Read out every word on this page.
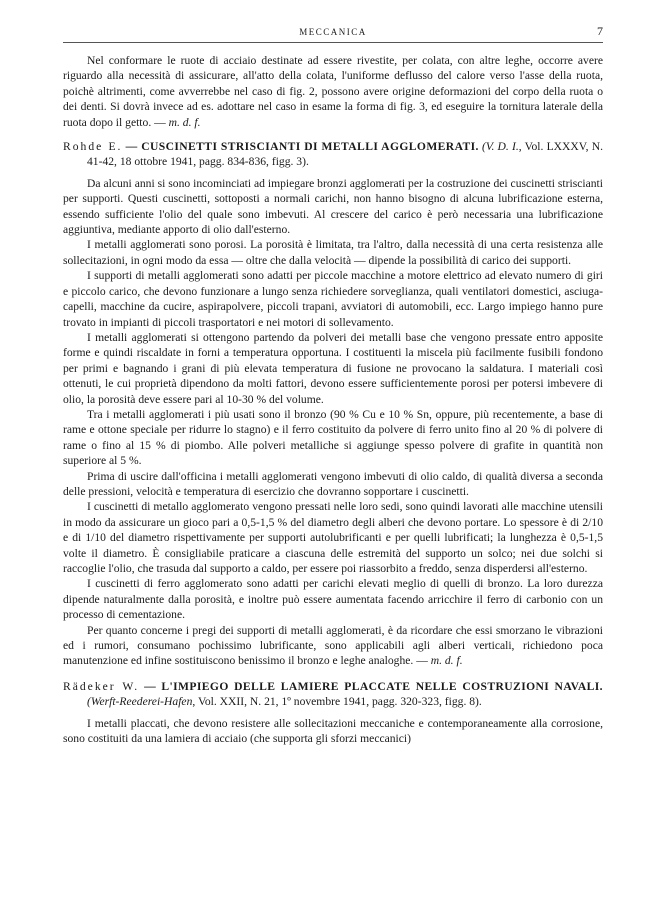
MECCANICA	7

Nel conformare le ruote di acciaio destinate ad essere rivestite, per colata, con altre leghe, occorre avere riguardo alla necessità di assicurare, all'atto della colata, l'uniforme deflusso del calore verso l'asse della ruota, poichè altrimenti, come avverrebbe nel caso di fig. 2, possono avere origine deformazioni del corpo della ruota o dei denti. Si dovrà invece ad es. adottare nel caso in esame la forma di fig. 3, ed eseguire la tornitura laterale della ruota dopo il getto. — m. d. f.

Rohde E. — CUSCINETTI STRISCIANTI DI METALLI AGGLOMERATI. (V. D. I., Vol. LXXXV, N. 41-42, 18 ottobre 1941, pagg. 834-836, figg. 3).

Da alcuni anni si sono incominciati ad impiegare bronzi agglomerati per la costruzione dei cuscinetti striscianti per supporti. Questi cuscinetti, sottoposti a normali carichi, non hanno bisogno di alcuna lubrificazione esterna, essendo sufficiente l'olio del quale sono imbevuti. Al crescere del carico è però necessaria una lubrificazione aggiuntiva, mediante apporto di olio dall'esterno.

I metalli agglomerati sono porosi. La porosità è limitata, tra l'altro, dalla necessità di una certa resistenza alle sollecitazioni, in ogni modo da essa — oltre che dalla velocità — dipende la possibilità di carico dei supporti.

I supporti di metalli agglomerati sono adatti per piccole macchine a motore elettrico ad elevato numero di giri e piccolo carico, che devono funzionare a lungo senza richiedere sorveglianza, quali ventilatori domestici, asciuga-capelli, macchine da cucire, aspirapolvere, piccoli trapani, avviatori di automobili, ecc. Largo impiego hanno pure trovato in impianti di piccoli trasportatori e nei motori di sollevamento.

I metalli agglomerati si ottengono partendo da polveri dei metalli base che vengono pressate entro apposite forme e quindi riscaldate in forni a temperatura opportuna. I costituenti la miscela più facilmente fusibili fondono per primi e bagnando i grani di più elevata temperatura di fusione ne provocano la saldatura. I materiali così ottenuti, le cui proprietà dipendono da molti fattori, devono essere sufficientemente porosi per potersi imbevere di olio, la porosità deve essere pari al 10-30 % del volume.

Tra i metalli agglomerati i più usati sono il bronzo (90 % Cu e 10 % Sn, oppure, più recentemente, a base di rame e ottone speciale per ridurre lo stagno) e il ferro costituito da polvere di ferro unito fino al 20 % di polvere di rame o fino al 15 % di piombo. Alle polveri metalliche si aggiunge spesso polvere di grafite in quantità non superiore al 5 %.

Prima di uscire dall'officina i metalli agglomerati vengono imbevuti di olio caldo, di qualità diversa a seconda delle pressioni, velocità e temperatura di esercizio che dovranno sopportare i cuscinetti.

I cuscinetti di metallo agglomerato vengono pressati nelle loro sedi, sono quindi lavorati alle macchine utensili in modo da assicurare un gioco pari a 0,5-1,5 % del diametro degli alberi che devono portare. Lo spessore è di 2/10 e di 1/10 del diametro rispettivamente per supporti autolubrificanti e per quelli lubrificati; la lunghezza è 0,5-1,5 volte il diametro. È consigliabile praticare a ciascuna delle estremità del supporto un solco; nei due solchi si raccoglie l'olio, che trasuda dal supporto a caldo, per essere poi riassorbito a freddo, senza disperdersi all'esterno.

I cuscinetti di ferro agglomerato sono adatti per carichi elevati meglio di quelli di bronzo. La loro durezza dipende naturalmente dalla porosità, e inoltre può essere aumentata facendo arricchire il ferro di carbonio con un processo di cementazione.

Per quanto concerne i pregi dei supporti di metalli agglomerati, è da ricordare che essi smorzano le vibrazioni ed i rumori, consumano pochissimo lubrificante, sono applicabili agli alberi verticali, richiedono poca manutenzione ed infine sostituiscono benissimo il bronzo e leghe analoghe. — m. d. f.

Rädeker W. — L'IMPIEGO DELLE LAMIERE PLACCATE NELLE COSTRUZIONI NAVALI. (Werft-Reederei-Hafen, Vol. XXII, N. 21, 1º novembre 1941, pagg. 320-323, figg. 8).

I metalli placcati, che devono resistere alle sollecitazioni meccaniche e contemporaneamente alla corrosione, sono costituiti da una lamiera di acciaio (che supporta gli sforzi meccanici)
